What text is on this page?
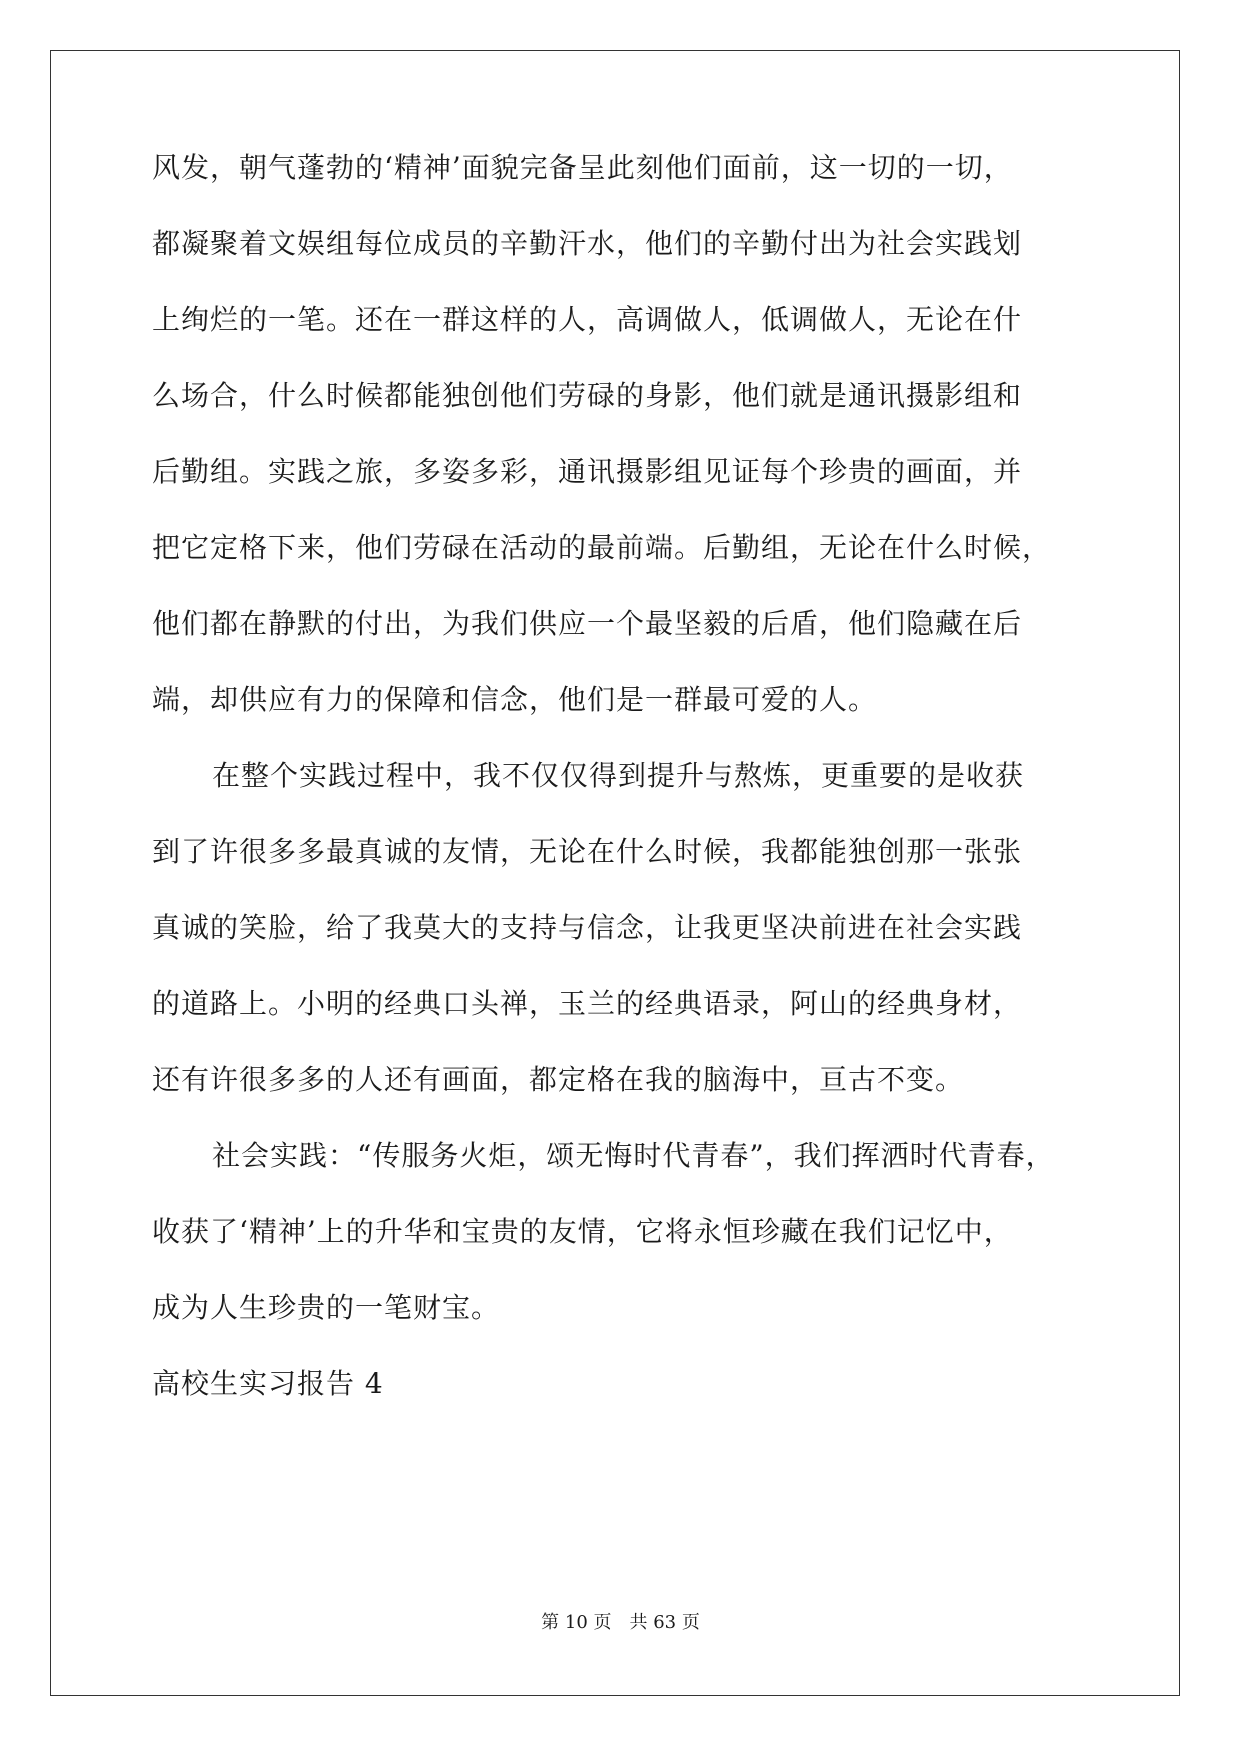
风发，朝气蓬勃的‘精神’面貌完备呈此刻他们面前，这一切的一切，
都凝聚着文娱组每位成员的辛勤汗水，他们的辛勤付出为社会实践划
上绚烂的一笔。还在一群这样的人，高调做人，低调做人，无论在什
么场合，什么时候都能独创他们劳碌的身影，他们就是通讯摄影组和
后勤组。实践之旅，多姿多彩，通讯摄影组见证每个珍贵的画面，并
把它定格下来，他们劳碌在活动的最前端。后勤组，无论在什么时候，
他们都在静默的付出，为我们供应一个最坚毅的后盾，他们隐藏在后
端，却供应有力的保障和信念，他们是一群最可爱的人。
在整个实践过程中，我不仅仅得到提升与熬炼，更重要的是收获
到了许很多多最真诚的友情，无论在什么时候，我都能独创那一张张
真诚的笑脸，给了我莫大的支持与信念，让我更坚决前进在社会实践
的道路上。小明的经典口头禅，玉兰的经典语录，阿山的经典身材，
还有许很多多的人还有画面，都定格在我的脑海中，亘古不变。
社会实践：“传服务火炬，颂无悔时代青春”，我们挥洒时代青春，
收获了‘精神’上的升华和宝贵的友情，它将永恒珍藏在我们记忆中，
成为人生珍贵的一笔财宝。
高校生实习报告 4
第 10 页 共 63 页
